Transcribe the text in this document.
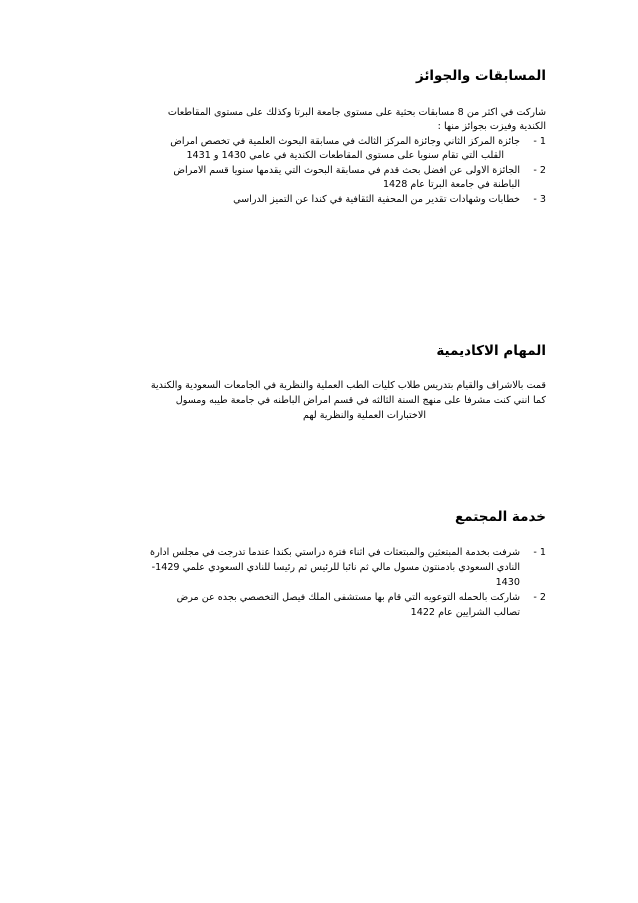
المسابقات والجوائز

شاركت في اكثر من 8 مسابقات بحثية على مستوى جامعة البرتا وكذلك على مستوى المقاطعات
الكندية وفيزت بجوائز منها :

1 -
جائزة المركز الثاني وجائزة المركز الثالث في مسابقة البحوث العلمية في تخصص امراض
القلب التي تقام سنويا على مستوى المقاطعات الكندية في عامي 1430 و 1431
2 -
الجائزة الاولى عن افضل بحث قدم في مسابقة البحوث التي يقدمها سنويا قسم الامراض
الباطنة في جامعة البرتا عام 1428
3 -
خطابات وشهادات تقدير من المحفية الثقافية في كندا عن التميز الدراسي
المهام الاكاديمية

قمت بالاشراف والقيام بتدريس طلاب كليات الطب العملية والنظرية في الجامعات السعودية والكندية
كما انني كنت مشرفا على منهج السنة الثالثه في قسم امراض الباطنه في جامعة طيبه ومسول
الاختبارات العملية والنظرية لهم

خدمة المجتمع
1 -
شرفت بخدمة المبتعثين والمبتعثات في اثناء فترة دراستي بكندا عندما تدرجت في مجلس ادارة
النادي السعودي بادمنتون مسول مالي ثم نائبا للرئيس ثم رئيسا للنادي السعودي علمي 1429-
1430
2 -
شاركت بالحمله التوعويه التي قام بها مستشفى الملك فيصل التخصصي بجده عن مرض
تصالب الشرايين عام 1422
